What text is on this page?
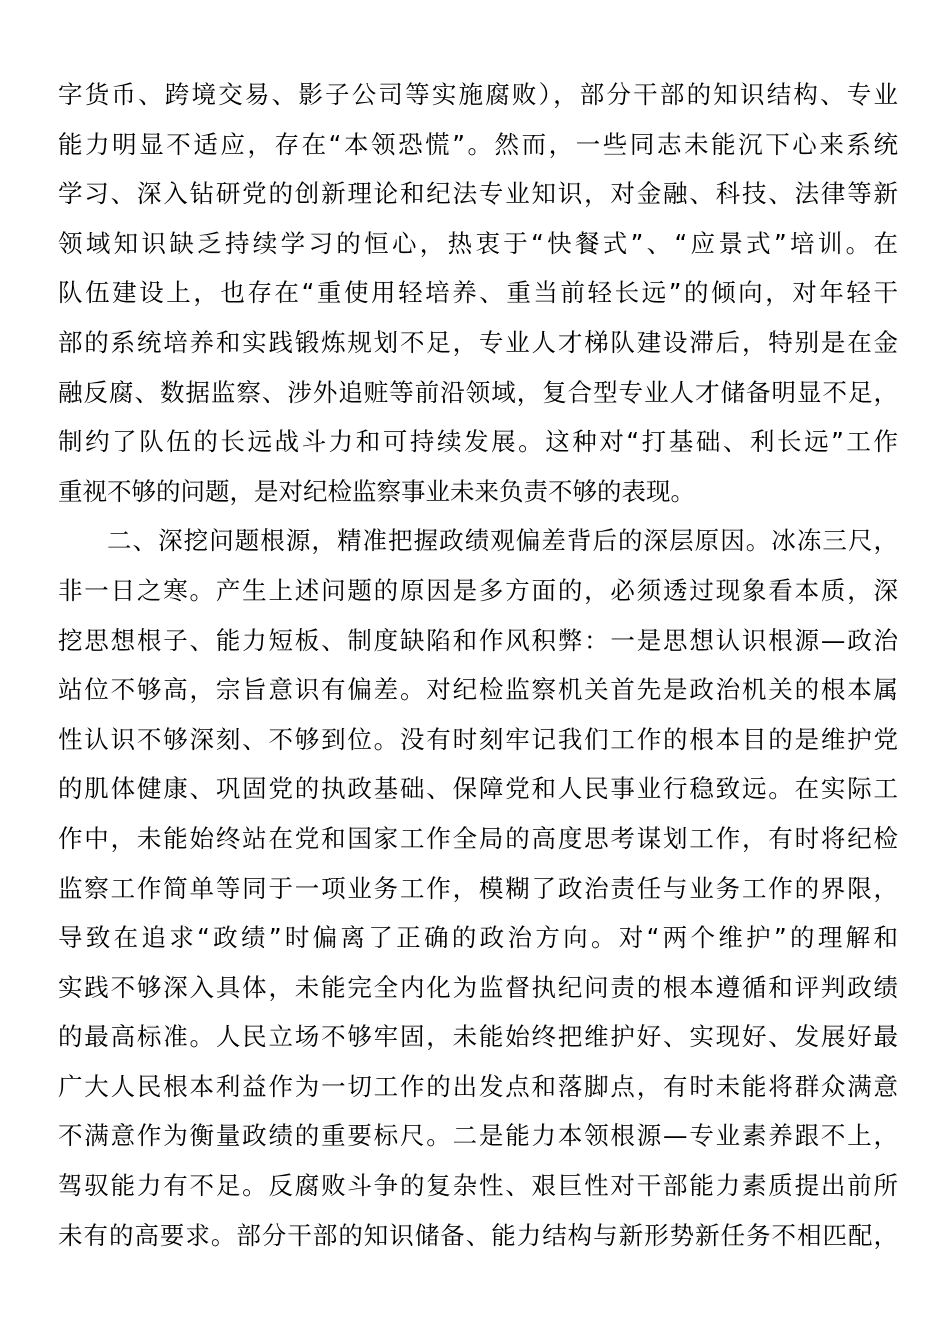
字货币、跨境交易、影子公司等实施腐败），部分干部的知识结构、专业
能力明显不适应，存在“本领恐慌”。然而，一些同志未能沉下心来系统
学习、深入钻研党的创新理论和纪法专业知识，对金融、科技、法律等新
领域知识缺乏持续学习的恒心，热衷于“快餐式”、“应景式”培训。在
队伍建设上，也存在“重使用轻培养、重当前轻长远”的倾向，对年轻干
部的系统培养和实践锻炼规划不足，专业人才梯队建设滞后，特别是在金
融反腐、数据监察、涉外追赃等前沿领域，复合型专业人才储备明显不足，
制约了队伍的长远战斗力和可持续发展。这种对“打基础、利长远”工作
重视不够的问题，是对纪检监察事业未来负责不够的表现。
二、深挖问题根源，精准把握政绩观偏差背后的深层原因。冰冻三尺，
非一日之寒。产生上述问题的原因是多方面的，必须透过现象看本质，深
挖思想根子、能力短板、制度缺陷和作风积弊：一是思想认识根源—政治
站位不够高，宗旨意识有偏差。对纪检监察机关首先是政治机关的根本属
性认识不够深刻、不够到位。没有时刻牢记我们工作的根本目的是维护党
的肌体健康、巩固党的执政基础、保障党和人民事业行稳致远。在实际工
作中，未能始终站在党和国家工作全局的高度思考谋划工作，有时将纪检
监察工作简单等同于一项业务工作，模糊了政治责任与业务工作的界限，
导致在追求“政绩”时偏离了正确的政治方向。对“两个维护”的理解和
实践不够深入具体，未能完全内化为监督执纪问责的根本遵循和评判政绩
的最高标准。人民立场不够牢固，未能始终把维护好、实现好、发展好最
广大人民根本利益作为一切工作的出发点和落脚点，有时未能将群众满意
不满意作为衡量政绩的重要标尺。二是能力本领根源—专业素养跟不上，
驾驭能力有不足。反腐败斗争的复杂性、艰巨性对干部能力素质提出前所
未有的高要求。部分干部的知识储备、能力结构与新形势新任务不相匹配，
